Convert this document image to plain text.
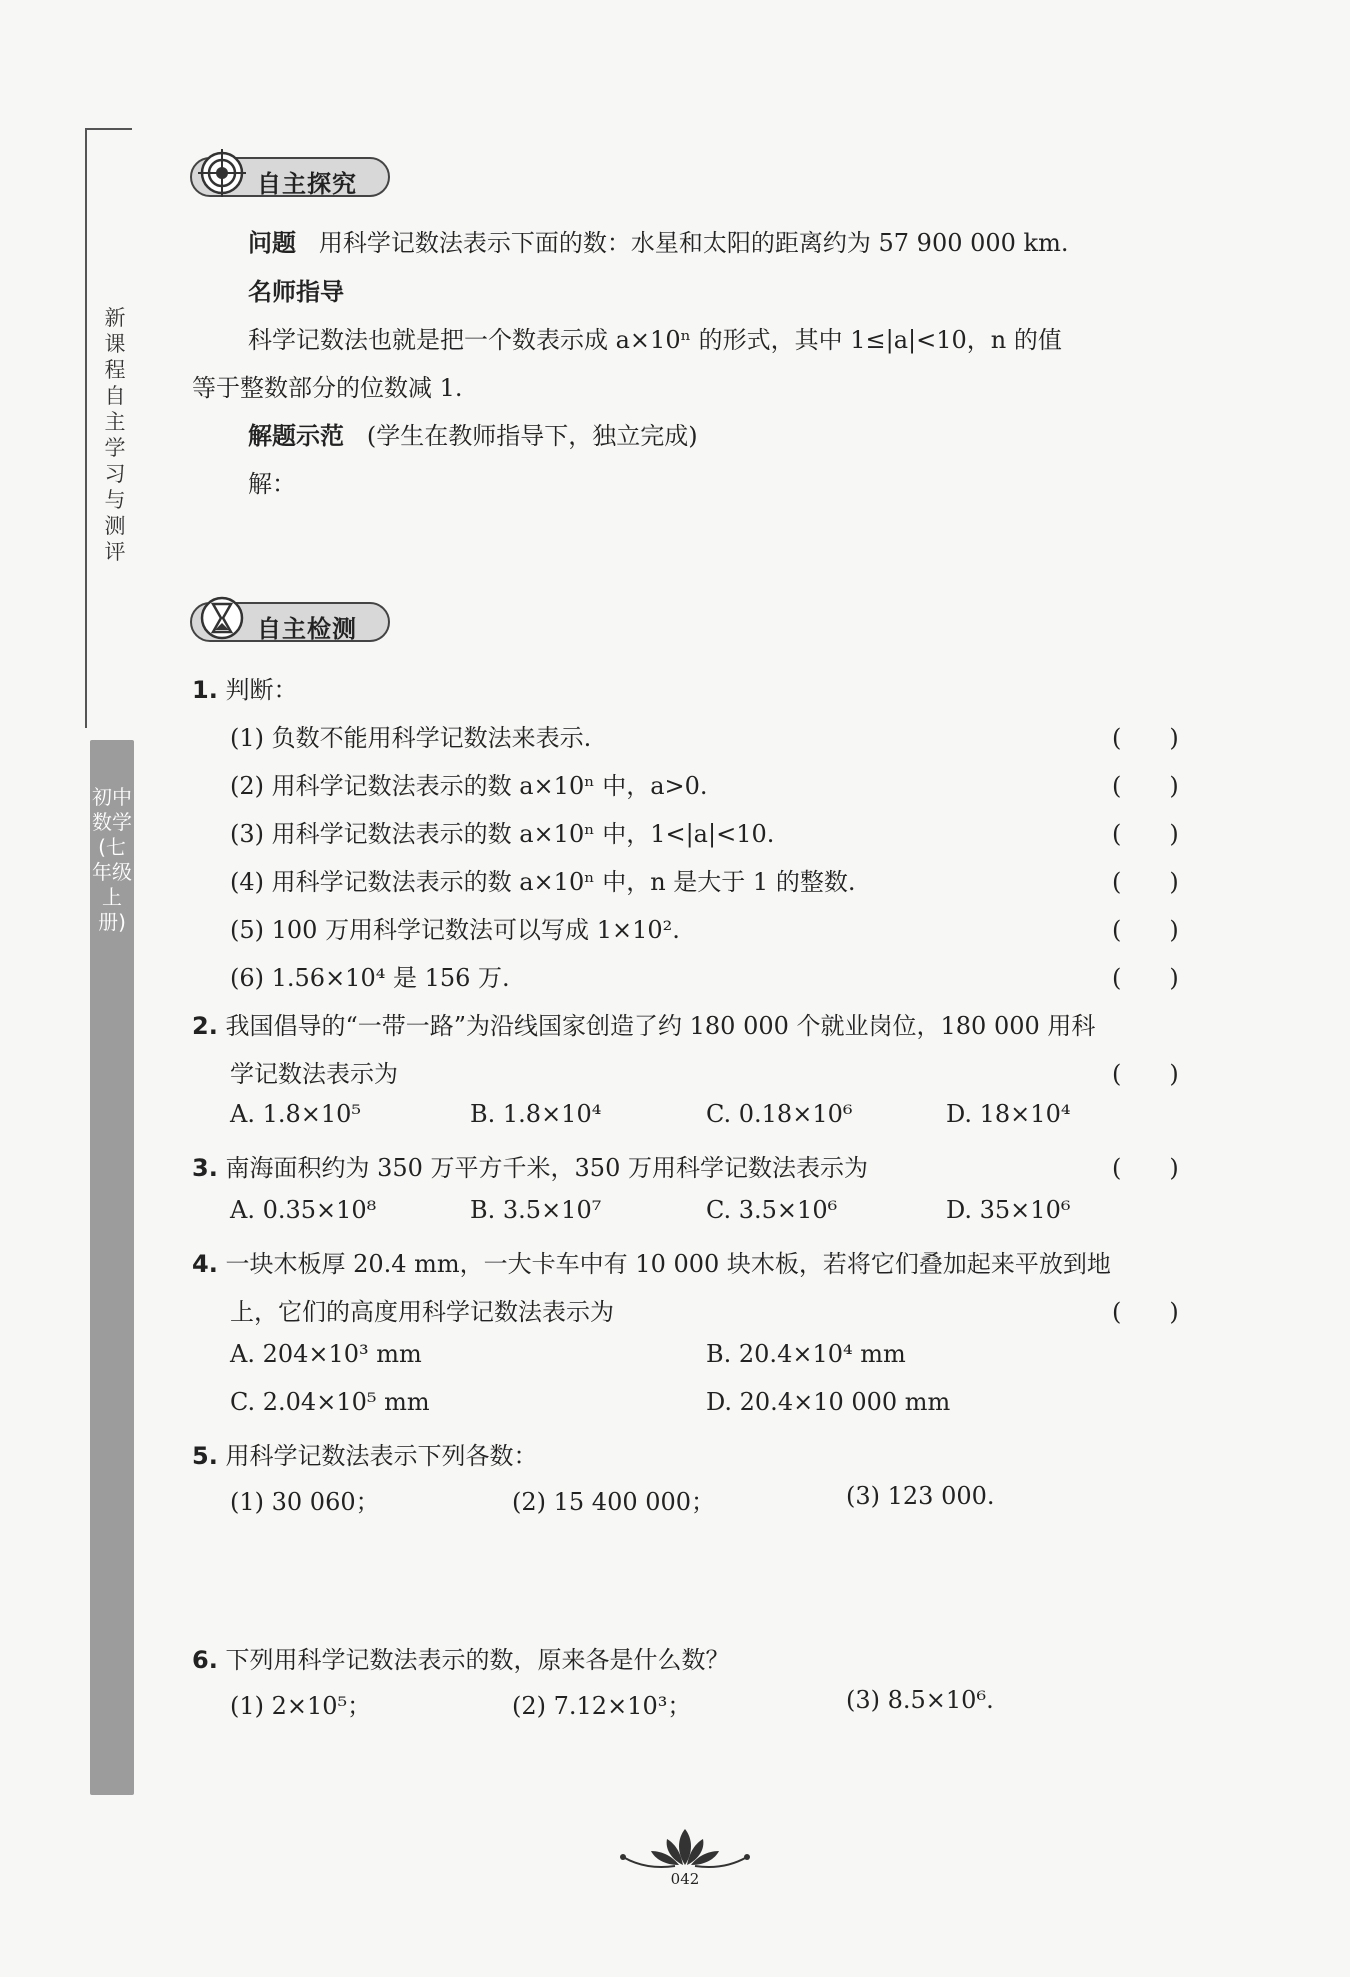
新课程自主学习与测评
初中数学(七年级上册)
自主探究
问题 用科学记数法表示下面的数：水星和太阳的距离约为 57 900 000 km.
名师指导
科学记数法也就是把一个数表示成 a×10ⁿ 的形式，其中 1≤|a|<10，n 的值
等于整数部分的位数减 1.
解题示范 (学生在教师指导下，独立完成)
解：
自主检测
1. 判断：
(1) 负数不能用科学记数法来表示.	(　　)
(2) 用科学记数法表示的数 a×10ⁿ 中，a>0.	(　　)
(3) 用科学记数法表示的数 a×10ⁿ 中，1<|a|<10.	(　　)
(4) 用科学记数法表示的数 a×10ⁿ 中，n 是大于 1 的整数.	(　　)
(5) 100 万用科学记数法可以写成 1×10².	(　　)
(6) 1.56×10⁴ 是 156 万.	(　　)
2. 我国倡导的“一带一路”为沿线国家创造了约 180 000 个就业岗位，180 000 用科
学记数法表示为	(　　)
A. 1.8×10⁵	B. 1.8×10⁴	C. 0.18×10⁶	D. 18×10⁴
3. 南海面积约为 350 万平方千米，350 万用科学记数法表示为	(　　)
A. 0.35×10⁸	B. 3.5×10⁷	C. 3.5×10⁶	D. 35×10⁶
4. 一块木板厚 20.4 mm，一大卡车中有 10 000 块木板，若将它们叠加起来平放到地
上，它们的高度用科学记数法表示为	(　　)
A. 204×10³ mm	B. 20.4×10⁴ mm
C. 2.04×10⁵ mm	D. 20.4×10 000 mm
5. 用科学记数法表示下列各数：
(1) 30 060；	(2) 15 400 000；	(3) 123 000.
6. 下列用科学记数法表示的数，原来各是什么数？
(1) 2×10⁵；	(2) 7.12×10³；	(3) 8.5×10⁶.
042
